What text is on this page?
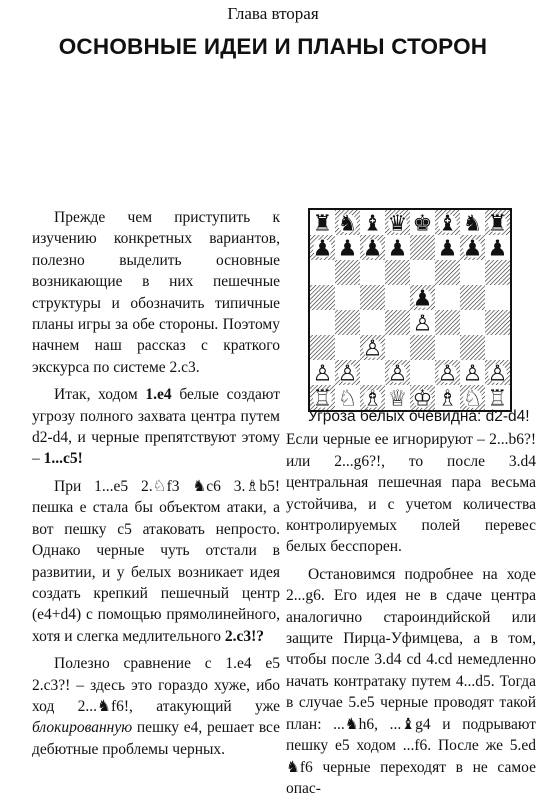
Глава вторая
ОСНОВНЫЕ ИДЕИ И ПЛАНЫ СТОРОН

Прежде чем приступить к изучению конкретных вариантов, полезно выделить основные возникающие в них пешечные структуры и обозначить типичные планы игры за обе стороны. Поэтому начнем наш рассказ с краткого экскурса по системе 2.c3.

Итак, ходом 1.e4 белые создают угрозу полного захвата центра путем d2-d4, и черные препятствуют этому – 1...c5!

При 1...e5 2.♘f3 ♞c6 3.♗b5! пешка e стала бы объектом атаки, а вот пешку c5 атаковать непросто. Однако черные чуть отстали в развитии, и у белых возникает идея создать крепкий пешечный центр (e4+d4) с помощью прямолинейного, хотя и слегка медлительного 2.c3!?

Полезно сравнение с 1.e4 e5 2.c3?! – здесь это гораздо хуже, ибо ход 2...♞f6!, атакующий уже блокированную пешку e4, решает все дебютные проблемы черных.

♜ ♞ ♝ ♛ ♚ ♝ ♞ ♜
♟ ♟ ♟ ♟ ♟ ♟ ♟
♟
♙
♙
♙ ♙ ♙ ♙ ♙ ♙
♖ ♘ ♗ ♕ ♔ ♗ ♘ ♖

Угроза белых очевидна: d2-d4!

Если черные ее игнорируют – 2...b6?! или 2...g6?!, то после 3.d4 центральная пешечная пара весьма устойчива, и с учетом количества контролируемых полей перевес белых бесспорен.

Остановимся подробнее на ходе 2...g6. Его идея не в сдаче центра аналогично староиндийской или защите Пирца-Уфимцева, а в том, чтобы после 3.d4 cd 4.cd немедленно начать контратаку путем 4...d5. Тогда в случае 5.e5 черные проводят такой план: ...♞h6, ...♝g4 и подрывают пешку e5 ходом ...f6. После же 5.ed ♞f6 черные переходят в не самое опас-
